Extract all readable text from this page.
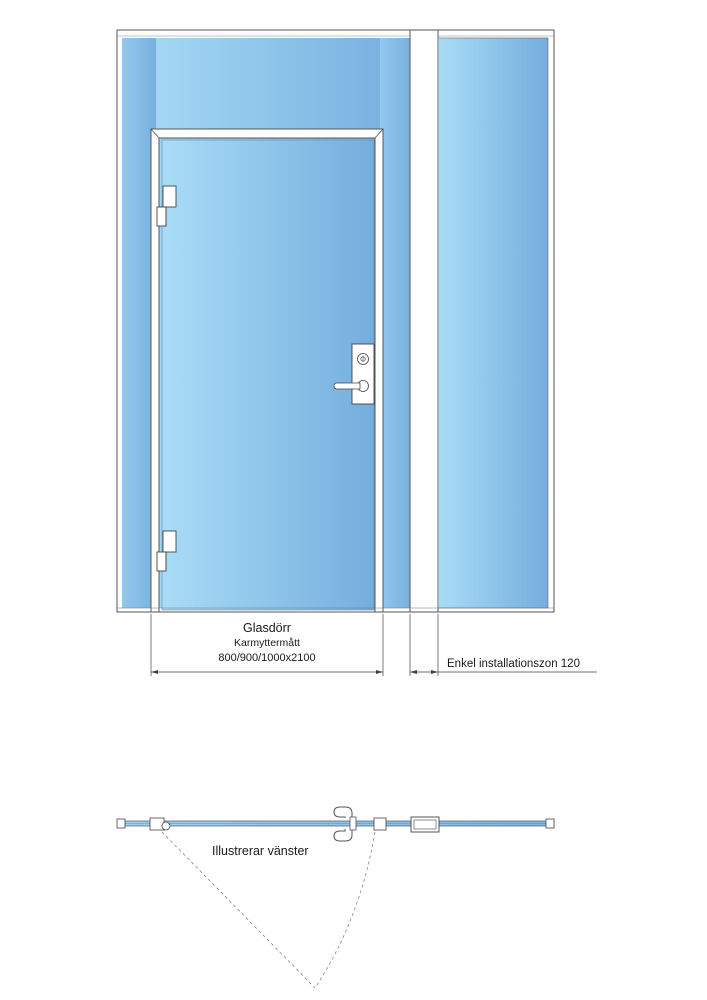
Glasdörr
Karmyttermått
800/900/1000x2100	Enkel installationszon 120
Illustrerar vänster
